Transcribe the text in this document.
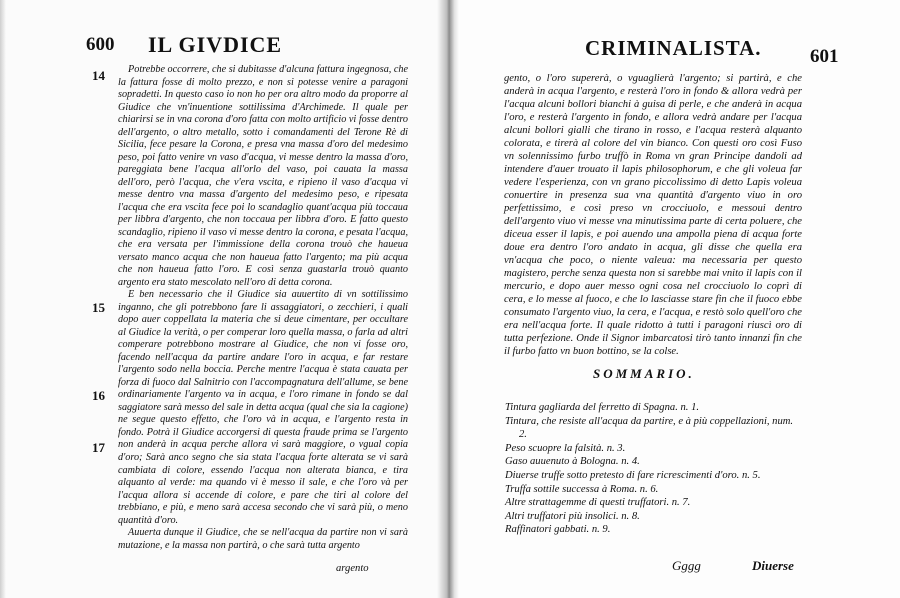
600 IL GIVDICE
14
15
16
17

Potrebbe occorrere, che si dubitasse d'alcuna fattura ingegnosa, che la fattura fosse di molto prezzo, e non si potesse venire a paragoni sopradetti. In questo caso io non ho per ora altro modo da proporre al Giudice che vn'inuentione sottilissima d'Archimede. Il quale per chiarirsi se in vna corona d'oro fatta con molto artificio vi fosse dentro dell'argento, o altro metallo, sotto i comandamenti del Terone Rè di Sicilia, fece pesare la Corona, e presa vna massa d'oro del medesimo peso, poi fatto venire vn vaso d'acqua, vi messe dentro la massa d'oro, pareggiata bene l'acqua all'orlo del vaso, poi cauata la massa dell'oro, però l'acqua, che v'era vscita, e ripieno il vaso d'acqua vi messe dentro vna massa d'argento del medesimo peso, e ripesata l'acqua che era vscita fece poi lo scandaglio quant'acqua più toccaua per libbra d'argento, che non toccaua per libbra d'oro. E fatto questo scandaglio, ripieno il vaso vi messe dentro la corona, e pesata l'acqua, che era versata per l'immissione della corona trouò che haueua versato manco acqua che non haueua fatto l'argento; ma più acqua che non haueua fatto l'oro. E così senza guastarla trouò quanto argento era stato mescolato nell'oro di detta corona.

E ben necessario che il Giudice sia auuertito di vn sottilissimo inganno, che gli potrebbono fare li assaggiatori, o zecchieri, i quali dopo auer coppellata la materia che si deue cimentare, per occultare al Giudice la verità, o per comperar loro quella massa, o farla ad altri comperare potrebbono mostrare al Giudice, che non vi fosse oro, facendo nell'acqua da partire andare l'oro in acqua, e far restare l'argento sodo nella boccia. Perche mentre l'acqua è stata cauata per forza di fuoco dal Salnitrio con l'accompagnatura dell'allume, se bene ordinariamente l'argento va in acqua, e l'oro rimane in fondo se dal saggiatore sarà messo del sale in detta acqua (qual che sia la cagione) ne segue questo effetto, che l'oro và in acqua, e l'argento resta in fondo. Potrà il Giudice accorgersi di questa fraude prima se l'argento non anderà in acqua perche allora vi sarà maggiore, o vgual copia d'oro; Sarà anco segno che sia stata l'acqua forte alterata se vi sarà cambiata di colore, essendo l'acqua non alterata bianca, e tira alquanto al verde: ma quando vi è messo il sale, e che l'oro và per l'acqua allora si accende di colore, e pare che tiri al colore del trebbiano, e più, e meno sarà accesa secondo che vi sarà più, o meno quantità d'oro.

Auuerta dunque il Giudice, che se nell'acqua da partire non vi sarà mutazione, e la massa non partirà, o che sarà tutta argento

argento
CRIMINALISTA.	601

gento, o l'oro supererà, o vguaglierà l'argento; si partirà, e che anderà in acqua l'argento, e resterà l'oro in fondo & allora vedrà per l'acqua alcuni bollori bianchi à guisa di perle, e che anderà in acqua l'oro, e resterà l'argento in fondo, e allora vedrà andare per l'acqua alcuni bollori gialli che tirano in rosso, e l'acqua resterà alquanto colorata, e tirerà al colore del vin bianco. Con questi oro così Fuso vn solennissimo furbo truffò in Roma vn gran Principe dandoli ad intendere d'auer trouato il lapis philosophorum, e che gli voleua far vedere l'esperienza, con vn grano piccolissimo di detto Lapis voleua conuertire in presenza sua vna quantità d'argento viuo in oro perfettissimo, e così preso vn crocciuolo, e messoui dentro dell'argento viuo vi messe vna minutissima parte di certa poluere, che diceua esser il lapis, e poi auendo una ampolla piena di acqua forte doue era dentro l'oro andato in acqua, gli disse che quella era vn'acqua che poco, o niente valeua: ma necessaria per questo magistero, perche senza questa non si sarebbe mai vnito il lapis con il mercurio, e dopo auer messo ogni cosa nel crocciuolo lo coprì di cera, e lo messe al fuoco, e che lo lasciasse stare fin che il fuoco ebbe consumato l'argento viuo, la cera, e l'acqua, e restò solo quell'oro che era nell'acqua forte. Il quale ridotto à tutti i paragoni riuscì oro di tutta perfezione. Onde il Signor imbarcatosi tirò tanto innanzi fin che il furbo fatto vn buon bottino, se la colse.

SOMMARIO.
Tintura gagliarda del ferretto di Spagna. n. 1.
Tintura, che resiste all'acqua da partire, e à più coppellazioni, num. 2.
Peso scuopre la falsità. n. 3.
Gaso auuenuto à Bologna. n. 4.
Diuerse truffe sotto pretesto di fare ricrescimenti d'oro. n. 5.
Truffa sottile successa à Roma. n. 6.
Altre strattagemme di questi truffatori. n. 7.
Altri truffatori più insolici. n. 8.
Raffinatori gabbati. n. 9.
Gggg	Diuerse
